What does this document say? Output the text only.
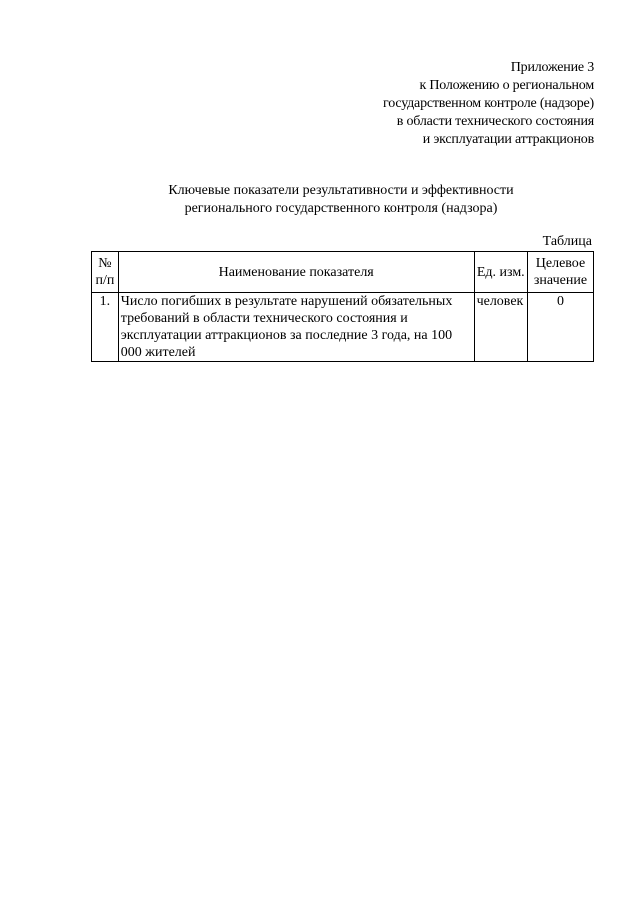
Приложение 3
к Положению о региональном
государственном контроле (надзоре)
в области технического состояния
и эксплуатации аттракционов
Ключевые показатели результативности и эффективности
регионального государственного контроля (надзора)
Таблица
№
п/п	Наименование показателя	Ед. изм.	Целевое
значение
1.	Число погибших в результате нарушений обязательных требований в области технического состояния и эксплуатации аттракционов за последние 3 года, на 100 000 жителей	человек	0
